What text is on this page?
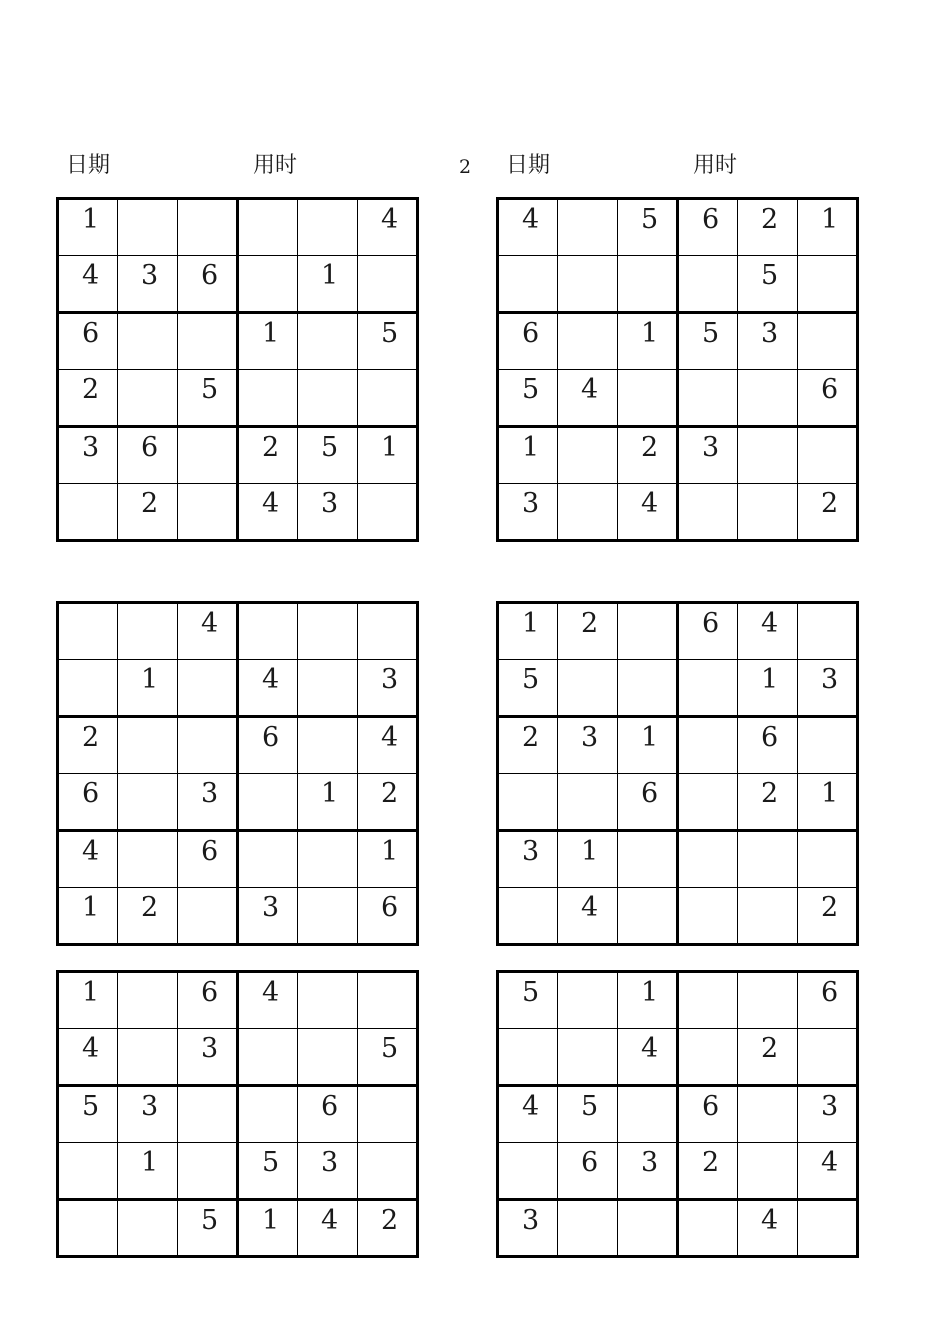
日期	用时	2 日期	用时
1					4

4	3	6		1	

6			1		5

2		5			

3	6		2	5	1

	2		4	3	

4		5	6	2	1

				5	

6		1	5	3	

5	4				6

1		2	3		

3		4			2

		4			

	1		4		3

2			6		4

6		3		1	2

4		6			1

1	2		3		6
1	2		6	4	

5				1	3

2	3	1		6	

		6		2	1

3	1				

	4				2
1		6	4		

4		3			5

5	3			6	

	1		5	3	

		5	1	4	2
5		1			6

		4		2	

4	5		6		3

	6	3	2		4

3				4	
